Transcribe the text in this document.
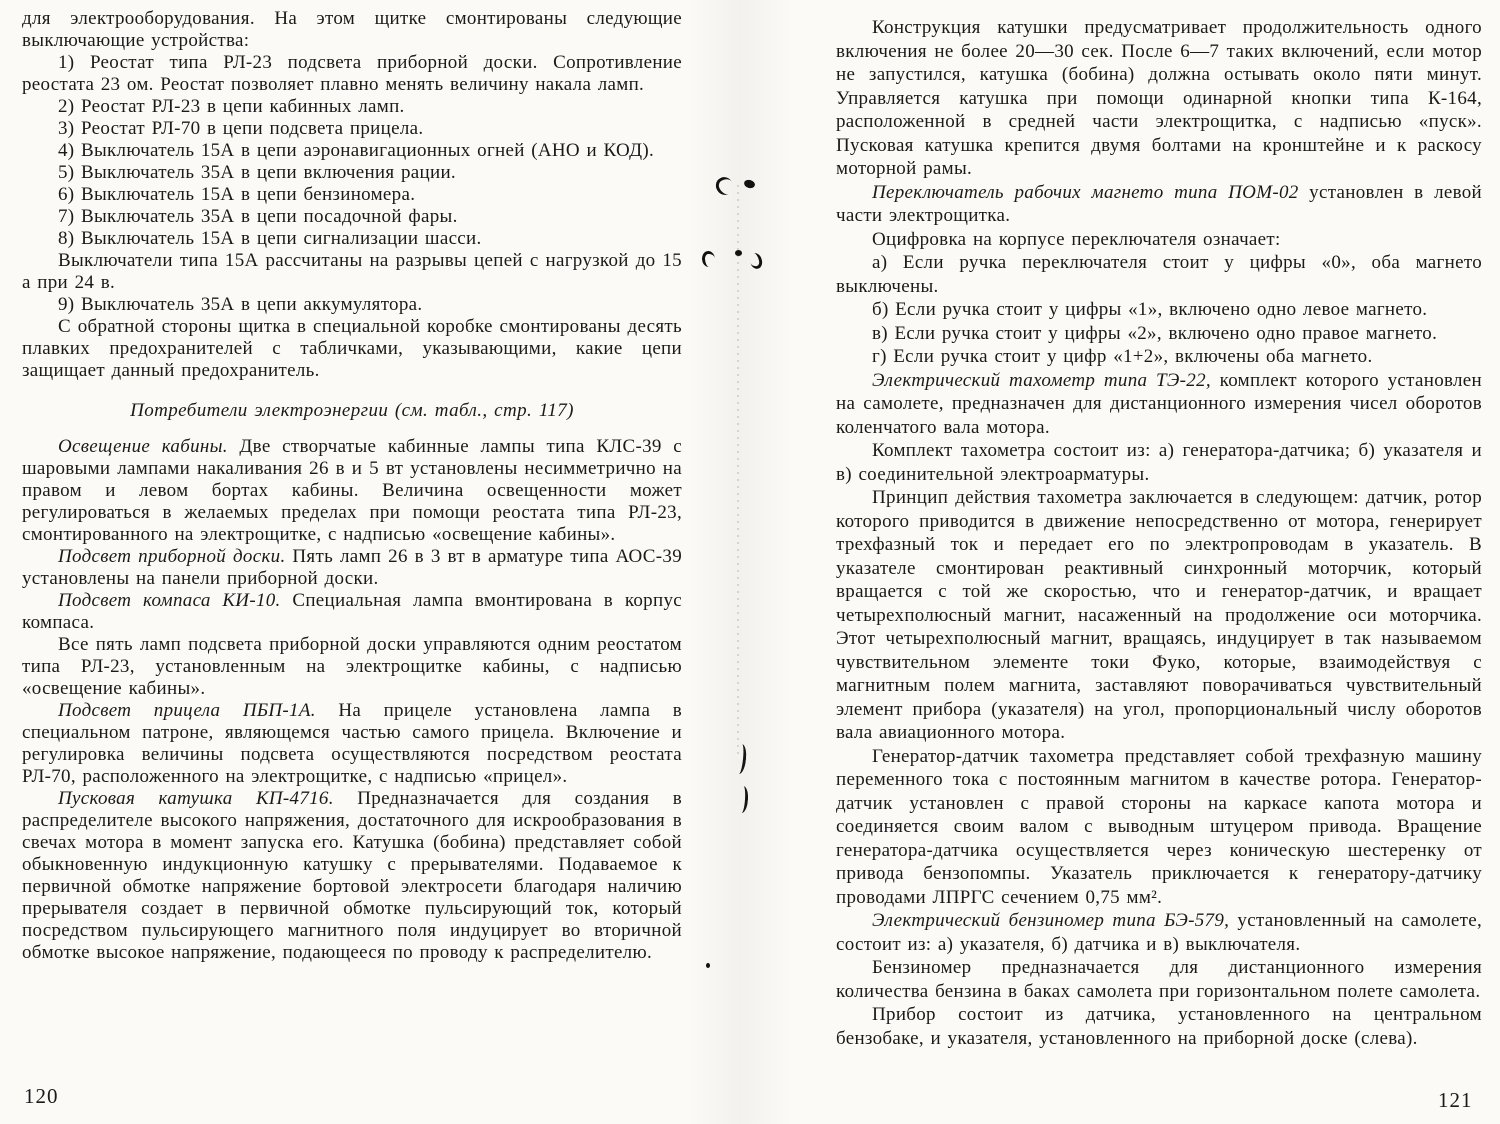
для электрооборудования. На этом щитке смонтированы следующие выключающие устройства:

1) Реостат типа РЛ-23 подсвета приборной доски. Сопротивление реостата 23 ом. Реостат позволяет плавно менять величину накала ламп.

2) Реостат РЛ-23 в цепи кабинных ламп.

3) Реостат РЛ-70 в цепи подсвета прицела.

4) Выключатель 15А в цепи аэронавигационных огней (АНО и КОД).

5) Выключатель 35А в цепи включения рации.

6) Выключатель 15А в цепи бензиномера.

7) Выключатель 35А в цепи посадочной фары.

8) Выключатель 15А в цепи сигнализации шасси.

Выключатели типа 15А рассчитаны на разрывы цепей с нагрузкой до 15 а при 24 в.

9) Выключатель 35А в цепи аккумулятора.

С обратной стороны щитка в специальной коробке смонтированы десять плавких предохранителей с табличками, указывающими, какие цепи защищает данный предохранитель.

Потребители электроэнергии (см. табл., стр. 117)

Освещение кабины. Две створчатые кабинные лампы типа КЛС-39 с шаровыми лампами накаливания 26 в и 5 вт установлены несимметрично на правом и левом бортах кабины. Величина освещенности может регулироваться в желаемых пределах при помощи реостата типа РЛ-23, смонтированного на электрощитке, с надписью «освещение кабины».

Подсвет приборной доски. Пять ламп 26 в 3 вт в арматуре типа АОС-39 установлены на панели приборной доски.

Подсвет компаса КИ-10. Специальная лампа вмонтирована в корпус компаса.

Все пять ламп подсвета приборной доски управляются одним реостатом типа РЛ-23, установленным на электрощитке кабины, с надписью «освещение кабины».

Подсвет прицела ПБП-1А. На прицеле установлена лампа в специальном патроне, являющемся частью самого прицела. Включение и регулировка величины подсвета осуществляются посредством реостата РЛ-70, расположенного на электрощитке, с надписью «прицел».

Пусковая катушка КП-4716. Предназначается для создания в распределителе высокого напряжения, достаточного для искрообразования в свечах мотора в момент запуска его. Катушка (бобина) представляет собой обыкновенную индукционную катушку с прерывателями. Подаваемое к первичной обмотке напряжение бортовой электросети благодаря наличию прерывателя создает в первичной обмотке пульсирующий ток, который посредством пульсирующего магнитного поля индуцирует во вторичной обмотке высокое напряжение, подающееся по проводу к распределителю.

Конструкция катушки предусматривает продолжительность одного включения не более 20—30 сек. После 6—7 таких включений, если мотор не запустился, катушка (бобина) должна остывать около пяти минут. Управляется катушка при помощи одинарной кнопки типа К-164, расположенной в средней части электрощитка, с надписью «пуск». Пусковая катушка крепится двумя болтами на кронштейне и к раскосу моторной рамы.

Переключатель рабочих магнето типа ПОМ-02 установлен в левой части электрощитка.

Оцифровка на корпусе переключателя означает:

а) Если ручка переключателя стоит у цифры «0», оба магнето выключены.

б) Если ручка стоит у цифры «1», включено одно левое магнето.

в) Если ручка стоит у цифры «2», включено одно правое магнето.

г) Если ручка стоит у цифр «1+2», включены оба магнето.

Электрический тахометр типа ТЭ-22, комплект которого установлен на самолете, предназначен для дистанционного измерения чисел оборотов коленчатого вала мотора.

Комплект тахометра состоит из: а) генератора-датчика; б) указателя и в) соединительной электроарматуры.

Принцип действия тахометра заключается в следующем: датчик, ротор которого приводится в движение непосредственно от мотора, генерирует трехфазный ток и передает его по электропроводам в указатель. В указателе смонтирован реактивный синхронный моторчик, который вращается с той же скоростью, что и генератор-датчик, и вращает четырехполюсный магнит, насаженный на продолжение оси моторчика. Этот четырехполюсный магнит, вращаясь, индуцирует в так называемом чувствительном элементе токи Фуко, которые, взаимодействуя с магнитным полем магнита, заставляют поворачиваться чувствительный элемент прибора (указателя) на угол, пропорциональный числу оборотов вала авиационного мотора.

Генератор-датчик тахометра представляет собой трехфазную машину переменного тока с постоянным магнитом в качестве ротора. Генератор-датчик установлен с правой стороны на каркасе капота мотора и соединяется своим валом с выводным штуцером привода. Вращение генератора-датчика осуществляется через коническую шестеренку от привода бензопомпы. Указатель приключается к генератору-датчику проводами ЛПРГС сечением 0,75 мм².

Электрический бензиномер типа БЭ-579, установленный на самолете, состоит из: а) указателя, б) датчика и в) выключателя.

Бензиномер предназначается для дистанционного измерения количества бензина в баках самолета при горизонтальном полете самолета.

Прибор состоит из датчика, установленного на центральном бензобаке, и указателя, установленного на приборной доске (слева).

120	121
